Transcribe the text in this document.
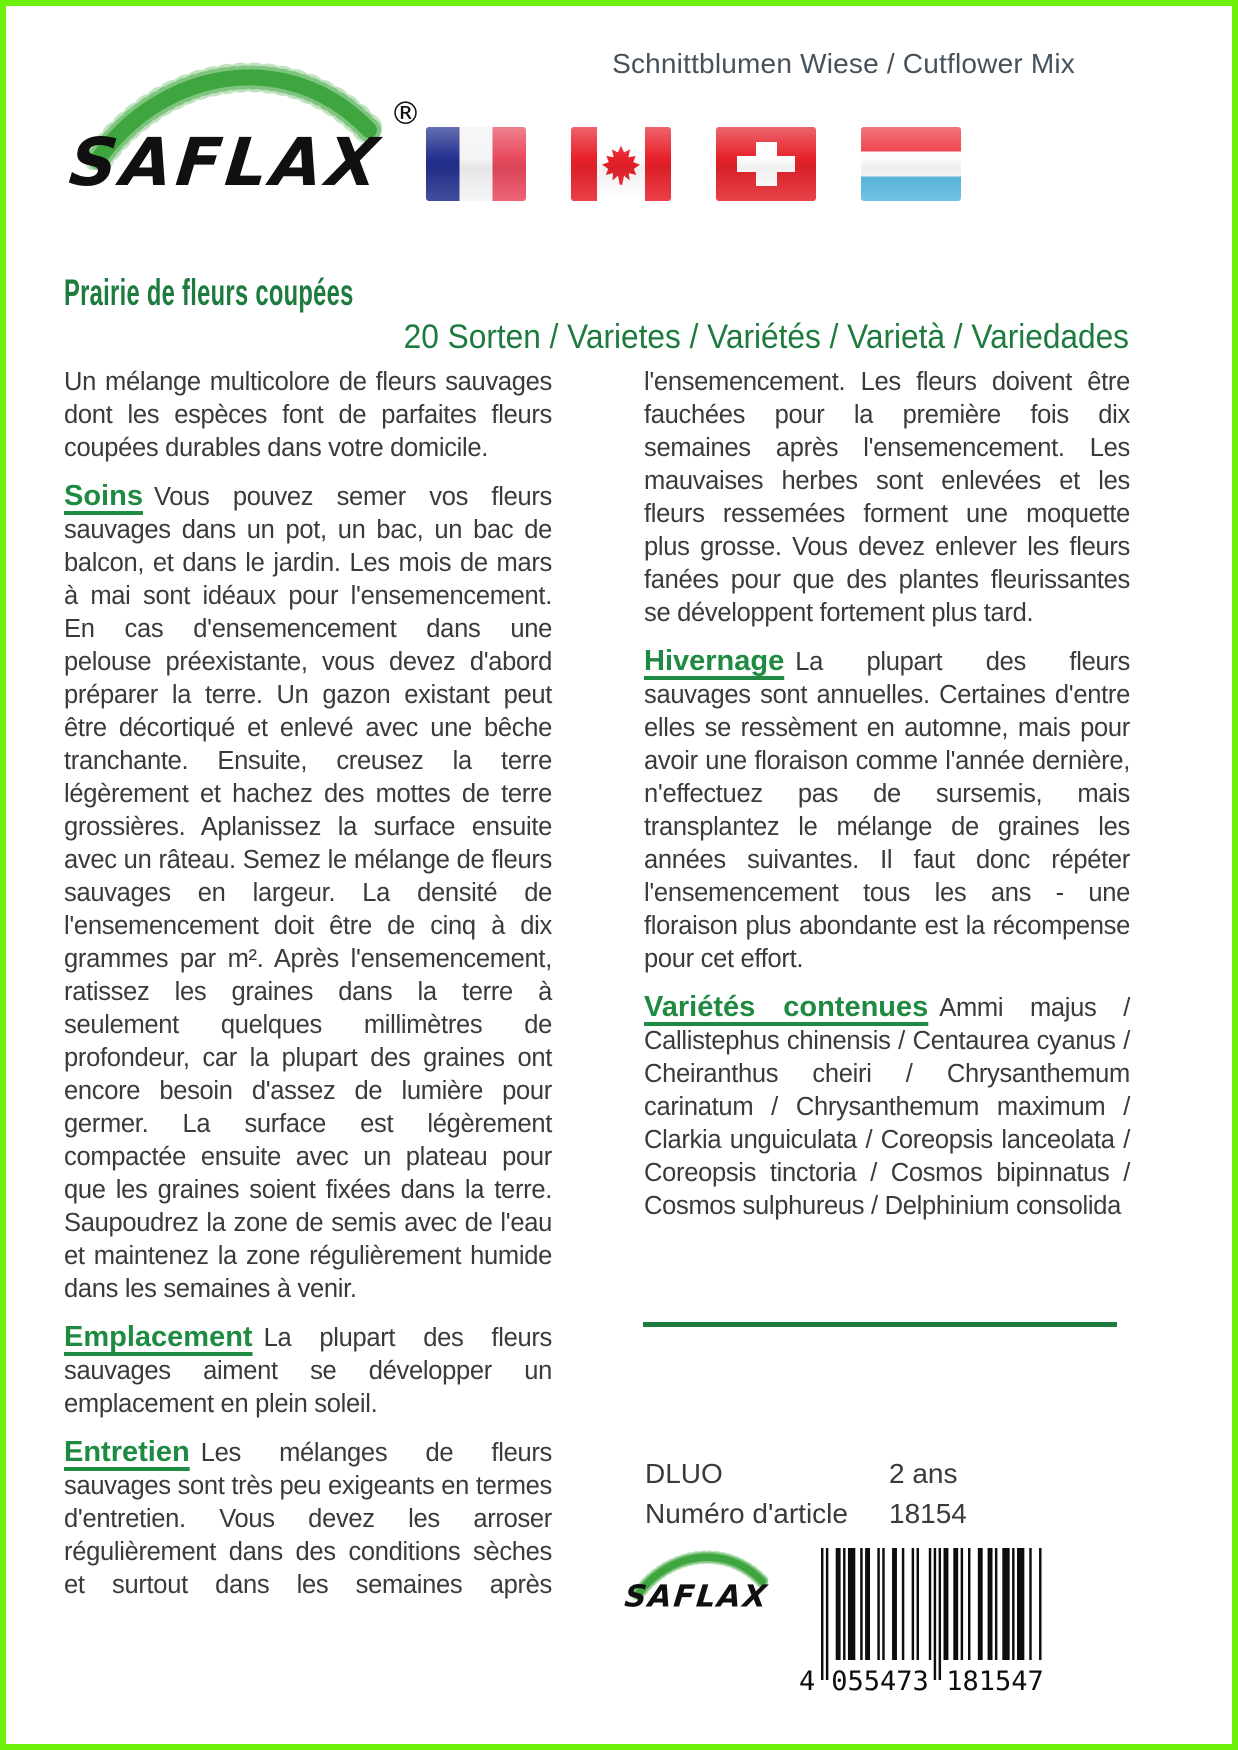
Schnittblumen Wiese / Cutflower Mix
SAFLAX
®
Prairie de fleurs coupées
20 Sorten / Varietes / Variétés / Varietà / Variedades

Un mélange multicolore de fleurs sauvages dont les espèces font de parfaites fleurs coupées durables dans votre domicile.

Soins Vous pouvez semer vos fleurs sauvages dans un pot, un bac, un bac de balcon, et dans le jardin. Les mois de mars à mai sont idéaux pour l'ensemencement. En cas d'ensemencement dans une pelouse préexistante, vous devez d'abord préparer la terre. Un gazon existant peut être décortiqué et enlevé avec une bêche tranchante. Ensuite, creusez la terre légèrement et hachez des mottes de terre grossières. Aplanissez la surface ensuite avec un râteau. Semez le mélange de fleurs sauvages en largeur. La densité de l'ensemencement doit être de cinq à dix grammes par m². Après l'ensemencement, ratissez les graines dans la terre à seulement quelques millimètres de profondeur, car la plupart des graines ont encore besoin d'assez de lumière pour germer. La surface est légèrement compactée ensuite avec un plateau pour que les graines soient fixées dans la terre. Saupoudrez la zone de semis avec de l'eau et maintenez la zone régulièrement humide dans les semaines à venir.

Emplacement La plupart des fleurs sauvages aiment se développer un emplacement en plein soleil.

Entretien Les mélanges de fleurs sauvages sont très peu exigeants en termes d'entretien. Vous devez les arroser régulièrement dans des conditions sèches et surtout dans les semaines après

l'ensemencement. Les fleurs doivent être fauchées pour la première fois dix semaines après l'ensemencement. Les mauvaises herbes sont enlevées et les fleurs ressemées forment une moquette plus grosse. Vous devez enlever les fleurs fanées pour que des plantes fleurissantes se développent fortement plus tard.

Hivernage La plupart des fleurs sauvages sont annuelles. Certaines d'entre elles se ressèment en automne, mais pour avoir une floraison comme l'année dernière, n'effectuez pas de sursemis, mais transplantez le mélange de graines les années suivantes. Il faut donc répéter l'ensemencement tous les ans - une floraison plus abondante est la récompense pour cet effort.

Variétés contenues Ammi majus / Callistephus chinensis / Centaurea cyanus / Cheiranthus cheiri / Chrysanthemum carinatum / Chrysanthemum maximum / Clarkia unguiculata / Coreopsis lanceolata / Coreopsis tinctoria / Cosmos bipinnatus / Cosmos sulphureus / Delphinium consolida

DLUO	2 ans
Numéro d'article	18154
SAFLAX
4 055473 181547
